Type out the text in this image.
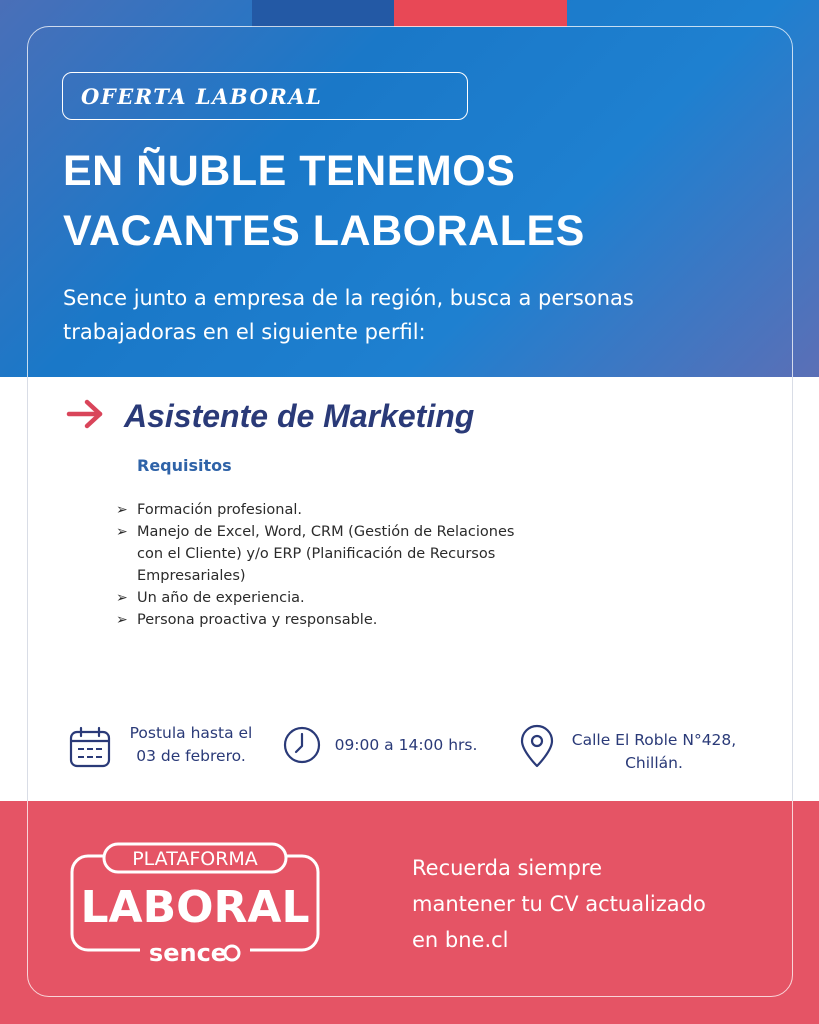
OFERTA LABORAL
EN ÑUBLE TENEMOS
VACANTES LABORALES
Sence junto a empresa de la región, busca a personas
trabajadoras en el siguiente perfil:
Asistente de Marketing
Requisitos
➢ Formación profesional.
➢ Manejo de Excel, Word, CRM (Gestión de Relaciones
con el Cliente) y/o ERP (Planificación de Recursos
Empresariales)
➢ Un año de experiencia.
➢ Persona proactiva y responsable.
Postula hasta el
03 de febrero.
09:00 a 14:00 hrs.	Calle El Roble N°428,
Chillán.
PLATAFORMA
LABORAL
sence
Recuerda siempre
mantener tu CV actualizado
en bne.cl
